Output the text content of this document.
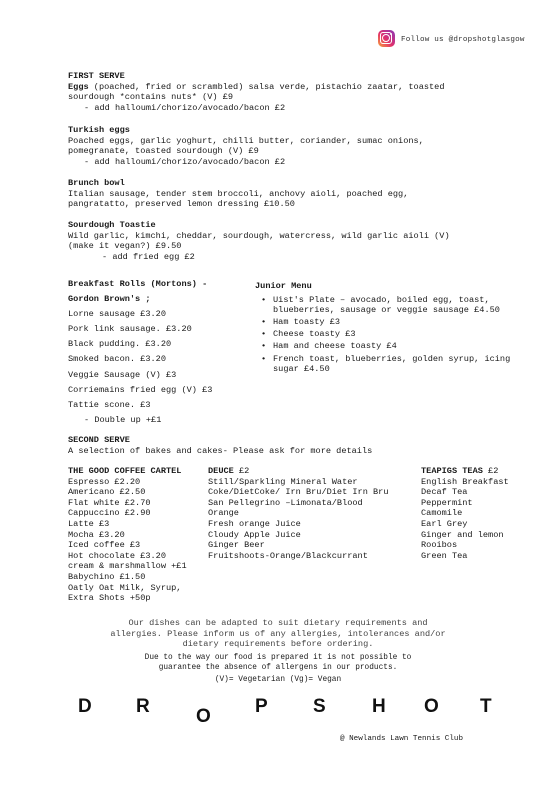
Follow us @dropshotglasgow

FIRST SERVE

Eggs (poached, fried or scrambled) salsa verde, pistachio zaatar, toasted

sourdough *contains nuts* (V) £9

- add halloumi/chorizo/avocado/bacon £2

Turkish eggs

Poached eggs, garlic yoghurt, chilli butter, coriander, sumac onions,

pomegranate, toasted sourdough (V) £9

- add halloumi/chorizo/avocado/bacon £2

Brunch bowl

Italian sausage, tender stem broccoli, anchovy aioli, poached egg,

pangratatto, preserved lemon dressing £10.50

Sourdough Toastie

Wild garlic, kimchi, cheddar, sourdough, watercress, wild garlic aioli (V)

(make it vegan?) £9.50

- add fried egg £2

Breakfast Rolls (Mortons) -
Gordon Brown's ;
Lorne sausage £3.20
Pork link sausage. £3.20
Black pudding. £3.20
Smoked bacon. £3.20
Veggie Sausage (V) £3
Corriemains fried egg (V) £3
Tattie scone. £3
- Double up +£1
Junior Menu
• Uist's Plate – avocado, boiled egg, toast, blueberries, sausage or veggie sausage £4.50
• Ham toasty £3
• Cheese toasty £3
• Ham and cheese toasty £4
• French toast, blueberries, golden syrup, icing sugar £4.50

SECOND SERVE

A selection of bakes and cakes- Please ask for more details

THE GOOD COFFEE CARTEL
Espresso £2.20
Americano £2.50
Flat white £2.70
Cappuccino £2.90
Latte £3
Mocha £3.20
Iced coffee £3
Hot chocolate £3.20
cream & marshmallow +£1
Babychino £1.50
Oatly Oat Milk, Syrup,
Extra Shots +50p
DEUCE £2
Still/Sparkling Mineral Water
Coke/DietCoke/ Irn Bru/Diet Irn Bru
San Pellegrino –Limonata/Blood
Orange
Fresh orange Juice
Cloudy Apple Juice
Ginger Beer
Fruitshoots-Orange/Blackcurrant
TEAPIGS TEAS £2
English Breakfast
Decaf Tea
Peppermint
Camomile
Earl Grey
Ginger and lemon
Rooibos
Green Tea
Our dishes can be adapted to suit dietary requirements and
allergies. Please inform us of any allergies, intolerances and/or
dietary requirements before ordering.
Due to the way our food is prepared it is not possible to
guarantee the absence of allergens in our products.
(V)= Vegetarian (Vg)= Vegan
D R O P S H O T
@ Newlands Lawn Tennis Club
